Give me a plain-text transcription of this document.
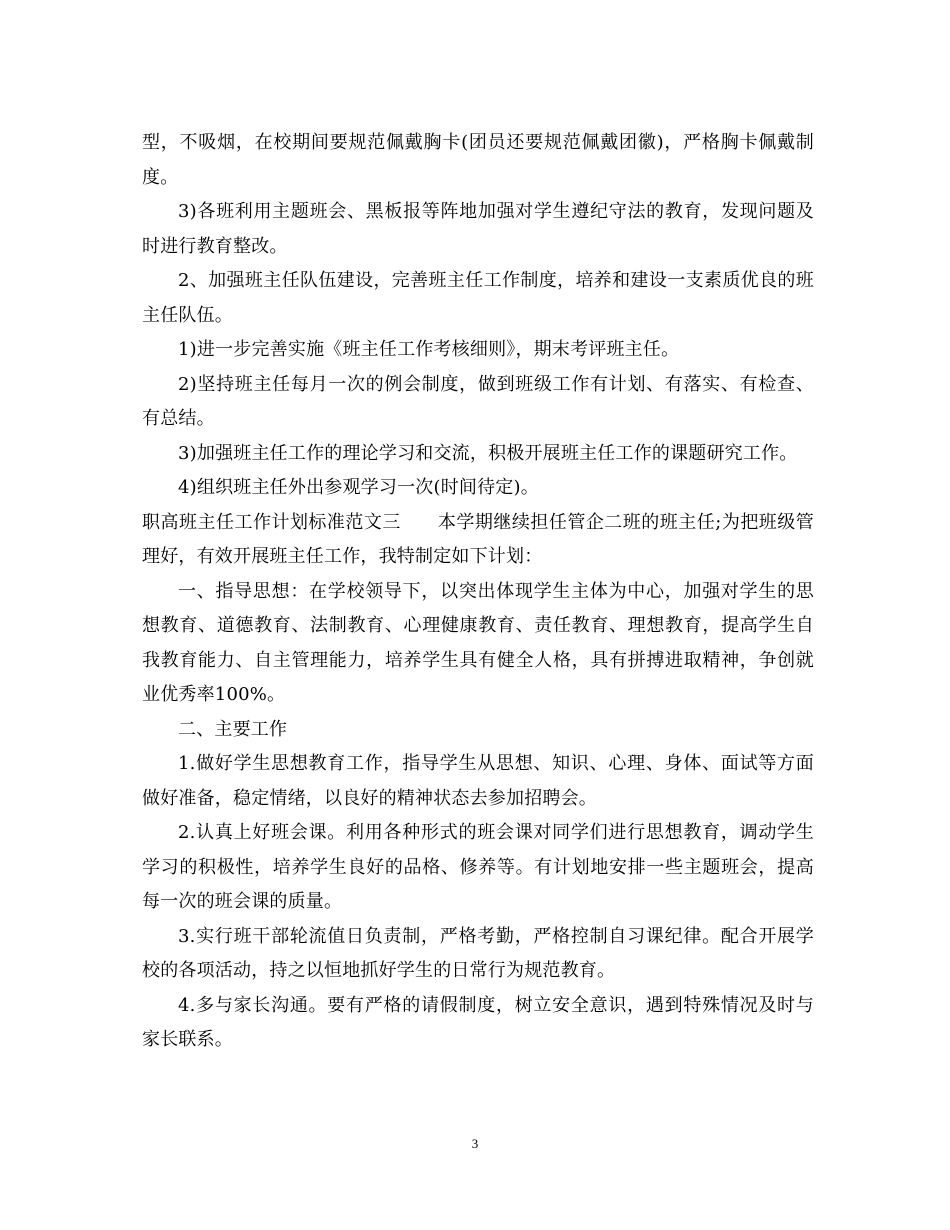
型，不吸烟，在校期间要规范佩戴胸卡(团员还要规范佩戴团徽)，严格胸卡佩戴制度。

3)各班利用主题班会、黑板报等阵地加强对学生遵纪守法的教育，发现问题及时进行教育整改。

2、加强班主任队伍建设，完善班主任工作制度，培养和建设一支素质优良的班主任队伍。

1)进一步完善实施《班主任工作考核细则》，期末考评班主任。

2)坚持班主任每月一次的例会制度，做到班级工作有计划、有落实、有检查、有总结。

3)加强班主任工作的理论学习和交流，积极开展班主任工作的课题研究工作。

4)组织班主任外出参观学习一次(时间待定)。

职高班主任工作计划标准范文三　　本学期继续担任管企二班的班主任;为把班级管理好，有效开展班主任工作，我特制定如下计划：

一、指导思想：在学校领导下，以突出体现学生主体为中心，加强对学生的思想教育、道德教育、法制教育、心理健康教育、责任教育、理想教育，提高学生自我教育能力、自主管理能力，培养学生具有健全人格，具有拼搏进取精神，争创就业优秀率100%。

二、主要工作

1.做好学生思想教育工作，指导学生从思想、知识、心理、身体、面试等方面做好准备，稳定情绪，以良好的精神状态去参加招聘会。

2.认真上好班会课。利用各种形式的班会课对同学们进行思想教育，调动学生学习的积极性，培养学生良好的品格、修养等。有计划地安排一些主题班会，提高每一次的班会课的质量。

3.实行班干部轮流值日负责制，严格考勤，严格控制自习课纪律。配合开展学校的各项活动，持之以恒地抓好学生的日常行为规范教育。

4.多与家长沟通。要有严格的请假制度，树立安全意识，遇到特殊情况及时与家长联系。

3
